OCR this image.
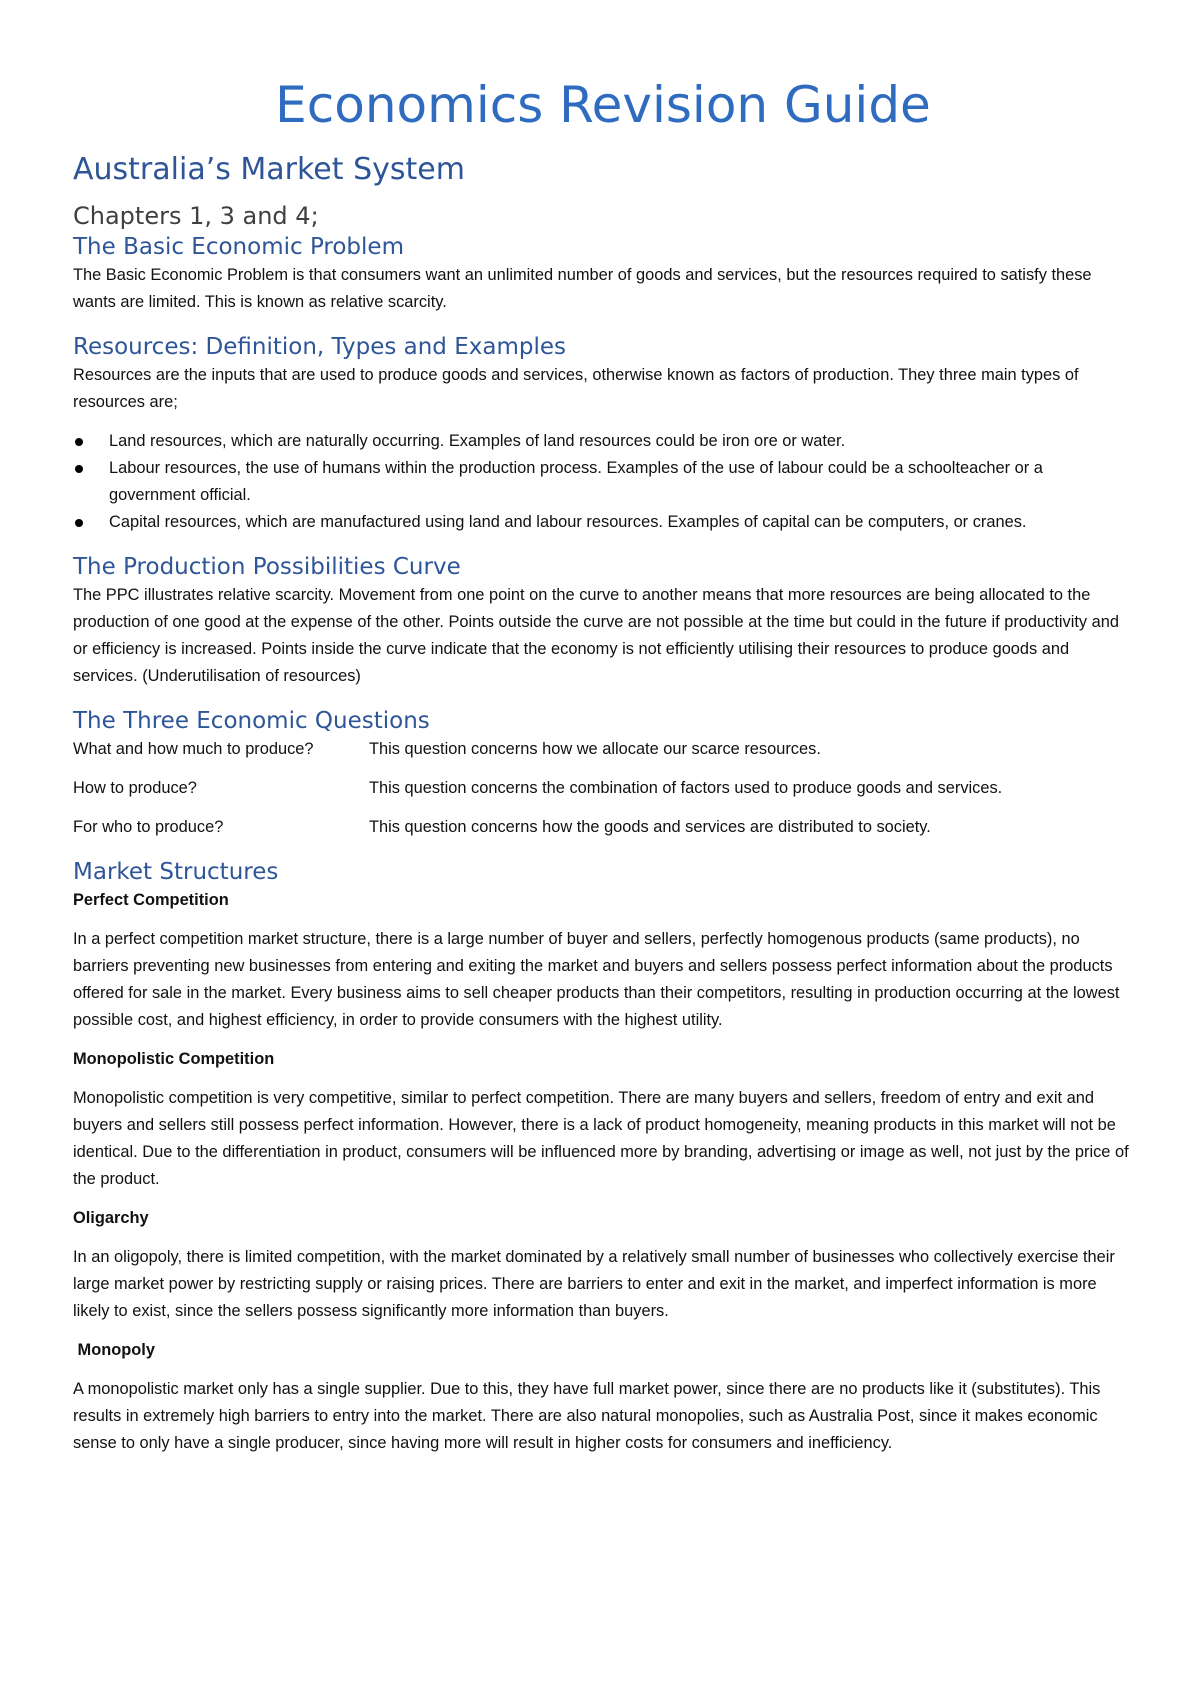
Economics Revision Guide
Australia’s Market System
Chapters 1, 3 and 4;
The Basic Economic Problem

The Basic Economic Problem is that consumers want an unlimited number of goods and services, but the resources required to satisfy these wants are limited. This is known as relative scarcity.

Resources: Definition, Types and Examples

Resources are the inputs that are used to produce goods and services, otherwise known as factors of production. They three main types of resources are;

Land resources, which are naturally occurring. Examples of land resources could be iron ore or water.
Labour resources, the use of humans within the production process. Examples of the use of labour could be a schoolteacher or a government official.
Capital resources, which are manufactured using land and labour resources. Examples of capital can be computers, or cranes.
The Production Possibilities Curve

The PPC illustrates relative scarcity. Movement from one point on the curve to another means that more resources are being allocated to the production of one good at the expense of the other. Points outside the curve are not possible at the time but could in the future if productivity and or efficiency is increased. Points inside the curve indicate that the economy is not efficiently utilising their resources to produce goods and services. (Underutilisation of resources)

The Three Economic Questions
What and how much to produce?	This question concerns how we allocate our scarce resources.
How to produce?	This question concerns the combination of factors used to produce goods and services.
For who to produce?	This question concerns how the goods and services are distributed to society.
Market Structures

Perfect Competition

In a perfect competition market structure, there is a large number of buyer and sellers, perfectly homogenous products (same products), no barriers preventing new businesses from entering and exiting the market and buyers and sellers possess perfect information about the products offered for sale in the market. Every business aims to sell cheaper products than their competitors, resulting in production occurring at the lowest possible cost, and highest efficiency, in order to provide consumers with the highest utility.

Monopolistic Competition

Monopolistic competition is very competitive, similar to perfect competition. There are many buyers and sellers, freedom of entry and exit and buyers and sellers still possess perfect information. However, there is a lack of product homogeneity, meaning products in this market will not be identical. Due to the differentiation in product, consumers will be influenced more by branding, advertising or image as well, not just by the price of the product.

Oligarchy

In an oligopoly, there is limited competition, with the market dominated by a relatively small number of businesses who collectively exercise their large market power by restricting supply or raising prices. There are barriers to enter and exit in the market, and imperfect information is more likely to exist, since the sellers possess significantly more information than buyers.

Monopoly

A monopolistic market only has a single supplier. Due to this, they have full market power, since there are no products like it (substitutes). This results in extremely high barriers to entry into the market. There are also natural monopolies, such as Australia Post, since it makes economic sense to only have a single producer, since having more will result in higher costs for consumers and inefficiency.
